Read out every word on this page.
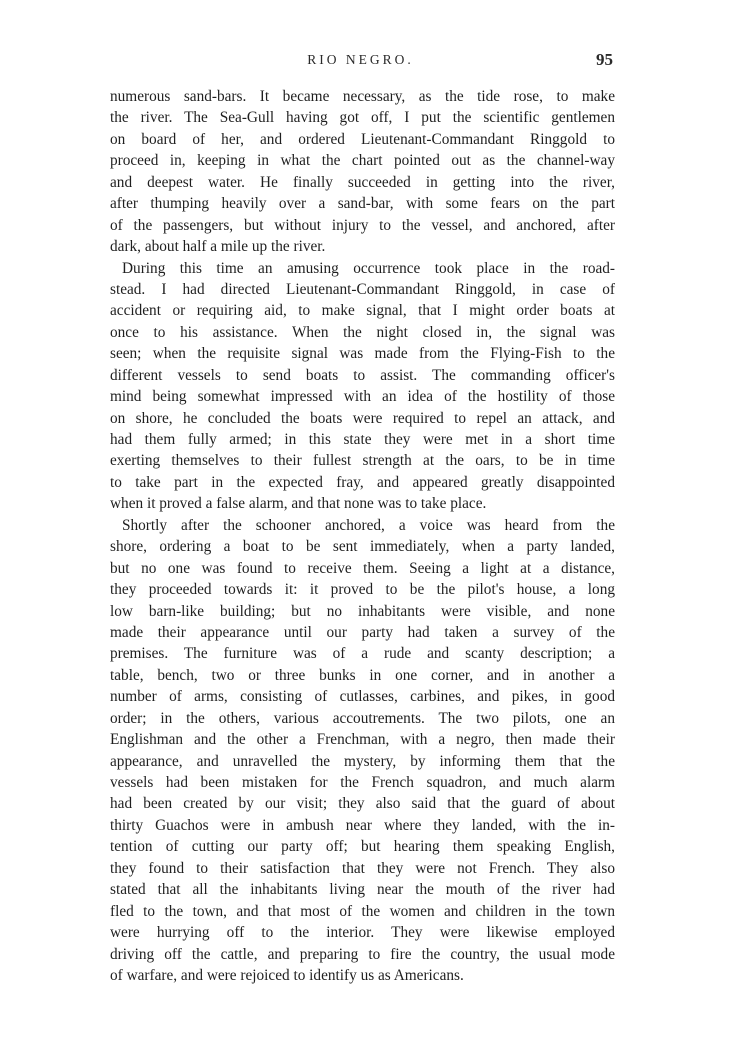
RIO NEGRO.	95
numerous sand-bars. It became necessary, as the tide rose, to make
the river. The Sea-Gull having got off, I put the scientific gentlemen
on board of her, and ordered Lieutenant-Commandant Ringgold to
proceed in, keeping in what the chart pointed out as the channel-way
and deepest water. He finally succeeded in getting into the river,
after thumping heavily over a sand-bar, with some fears on the part
of the passengers, but without injury to the vessel, and anchored, after
dark, about half a mile up the river.
During this time an amusing occurrence took place in the road-
stead. I had directed Lieutenant-Commandant Ringgold, in case of
accident or requiring aid, to make signal, that I might order boats at
once to his assistance. When the night closed in, the signal was
seen; when the requisite signal was made from the Flying-Fish to the
different vessels to send boats to assist. The commanding officer's
mind being somewhat impressed with an idea of the hostility of those
on shore, he concluded the boats were required to repel an attack, and
had them fully armed; in this state they were met in a short time
exerting themselves to their fullest strength at the oars, to be in time
to take part in the expected fray, and appeared greatly disappointed
when it proved a false alarm, and that none was to take place.
Shortly after the schooner anchored, a voice was heard from the
shore, ordering a boat to be sent immediately, when a party landed,
but no one was found to receive them. Seeing a light at a distance,
they proceeded towards it: it proved to be the pilot's house, a long
low barn-like building; but no inhabitants were visible, and none
made their appearance until our party had taken a survey of the
premises. The furniture was of a rude and scanty description; a
table, bench, two or three bunks in one corner, and in another a
number of arms, consisting of cutlasses, carbines, and pikes, in good
order; in the others, various accoutrements. The two pilots, one an
Englishman and the other a Frenchman, with a negro, then made their
appearance, and unravelled the mystery, by informing them that the
vessels had been mistaken for the French squadron, and much alarm
had been created by our visit; they also said that the guard of about
thirty Guachos were in ambush near where they landed, with the in-
tention of cutting our party off; but hearing them speaking English,
they found to their satisfaction that they were not French. They also
stated that all the inhabitants living near the mouth of the river had
fled to the town, and that most of the women and children in the town
were hurrying off to the interior. They were likewise employed
driving off the cattle, and preparing to fire the country, the usual mode
of warfare, and were rejoiced to identify us as Americans.
